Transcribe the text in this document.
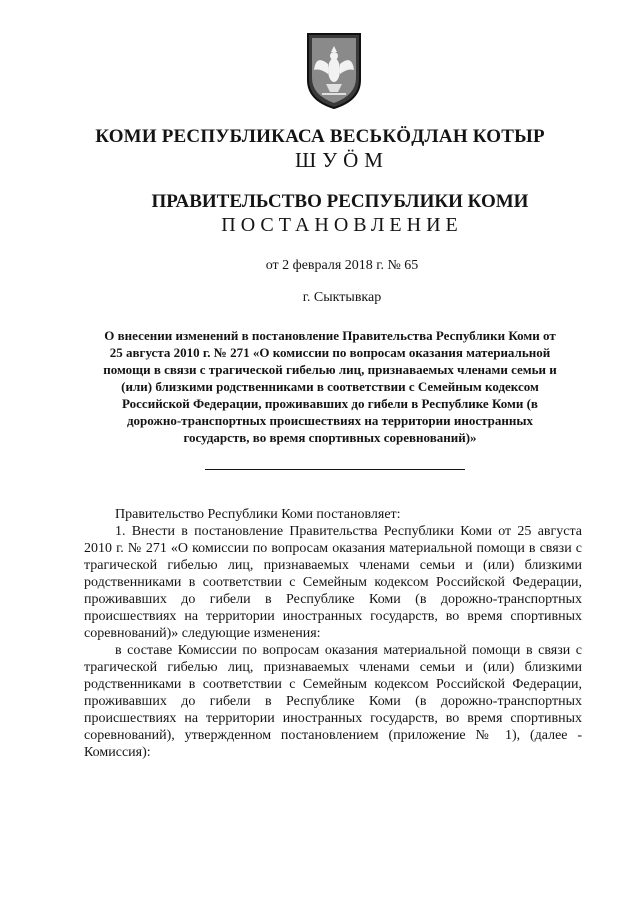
КОМИ РЕСПУБЛИКАСА ВЕСЬКÖДЛАН КОТЫР
ШУÖМ
ПРАВИТЕЛЬСТВО РЕСПУБЛИКИ КОМИ
ПОСТАНОВЛЕНИЕ
от 2 февраля 2018 г. № 65
г. Сыктывкар
О внесении изменений в постановление Правительства Республики Коми от 25 августа 2010 г. № 271 «О комиссии по вопросам оказания материальной помощи в связи с трагической гибелью лиц, признаваемых членами семьи и (или) близкими родственниками в соответствии с Семейным кодексом Российской Федерации, проживавших до гибели в Республике Коми (в дорожно-транспортных происшествиях на территории иностранных государств, во время спортивных соревнований)»

Правительство Республики Коми постановляет:

1. Внести в постановление Правительства Республики Коми от 25 августа 2010 г. № 271 «О комиссии по вопросам оказания материальной помощи в связи с трагической гибелью лиц, признаваемых членами семьи и (или) близкими родственниками в соответствии с Семейным кодексом Российской Федерации, проживавших до гибели в Республике Коми (в дорожно-транспортных происшествиях на территории иностранных государств, во время спортивных соревнований)» следующие изменения:

в составе Комиссии по вопросам оказания материальной помощи в связи с трагической гибелью лиц, признаваемых членами семьи и (или) близкими родственниками в соответствии с Семейным кодексом Российской Федерации, проживавших до гибели в Республике Коми (в дорожно-транспортных происшествиях на территории иностранных государств, во время спортивных соревнований), утвержденном постановлением (приложение № 1), (далее - Комиссия):
